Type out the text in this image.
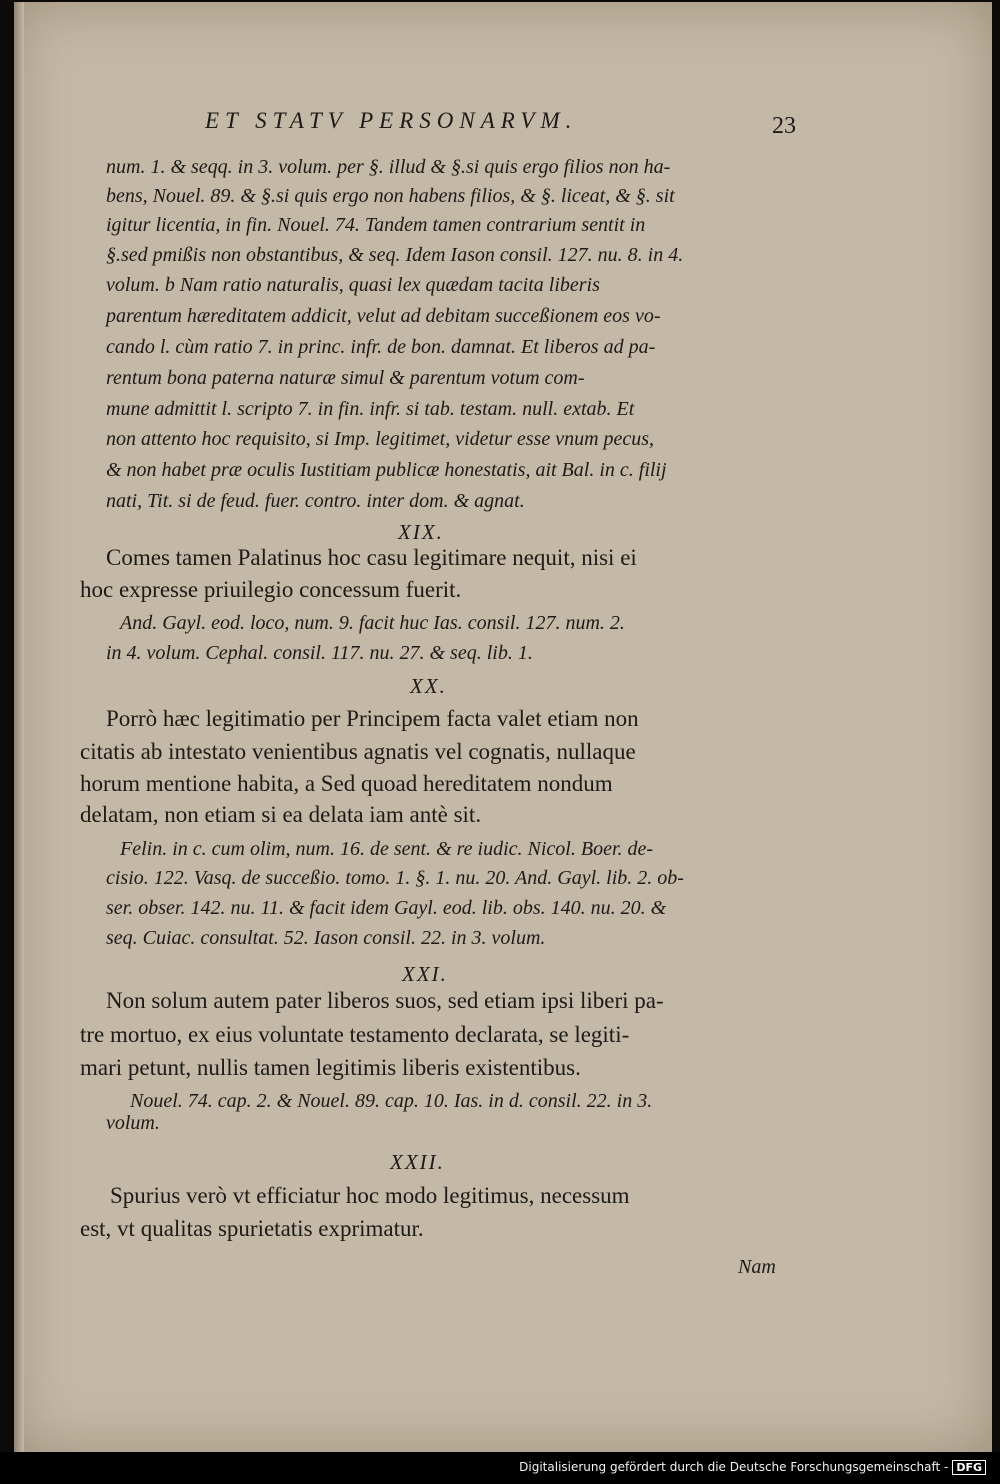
ET STATV PERSONARVM.	23
num. 1. & seqq. in 3. volum. per §. illud & §.si quis ergo filios non ha-
bens, Nouel. 89. & §.si quis ergo non habens filios, & §. liceat, & §. sit
igitur licentia, in fin. Nouel. 74. Tandem tamen contrarium sentit in
§.sed pmißis non obstantibus, & seq. Idem Iason consil. 127. nu. 8. in 4.
volum. b Nam ratio naturalis, quasi lex quædam tacita liberis
parentum hæreditatem addicit, velut ad debitam succeßionem eos vo-
cando l. cùm ratio 7. in princ. infr. de bon. damnat. Et liberos ad pa-
rentum bona paterna naturæ simul & parentum votum com-
mune admittit l. scripto 7. in fin. infr. si tab. testam. null. extab. Et
non attento hoc requisito, si Imp. legitimet, videtur esse vnum pecus,
& non habet præ oculis Iustitiam publicæ honestatis, ait Bal. in c. filij
nati, Tit. si de feud. fuer. contro. inter dom. & agnat.
XIX.
Comes tamen Palatinus hoc casu legitimare nequit, nisi ei
hoc expresse priuilegio concessum fuerit.
And. Gayl. eod. loco, num. 9. facit huc Ias. consil. 127. num. 2.
in 4. volum. Cephal. consil. 117. nu. 27. & seq. lib. 1.
XX.
Porrò hæc legitimatio per Principem facta valet etiam non
citatis ab intestato venientibus agnatis vel cognatis, nullaque
horum mentione habita, a Sed quoad hereditatem nondum
delatam, non etiam si ea delata iam antè sit.
Felin. in c. cum olim, num. 16. de sent. & re iudic. Nicol. Boer. de-
cisio. 122. Vasq. de succeßio. tomo. 1. §. 1. nu. 20. And. Gayl. lib. 2. ob-
ser. obser. 142. nu. 11. & facit idem Gayl. eod. lib. obs. 140. nu. 20. &
seq. Cuiac. consultat. 52. Iason consil. 22. in 3. volum.
XXI.
Non solum autem pater liberos suos, sed etiam ipsi liberi pa-
tre mortuo, ex eius voluntate testamento declarata, se legiti-
mari petunt, nullis tamen legitimis liberis existentibus.
Nouel. 74. cap. 2. & Nouel. 89. cap. 10. Ias. in d. consil. 22. in 3.
volum.
XXII.
Spurius verò vt efficiatur hoc modo legitimus, necessum
est, vt qualitas spurietatis exprimatur.
Nam
Digitalisierung gefördert durch die Deutsche Forschungsgemeinschaft - DFG
